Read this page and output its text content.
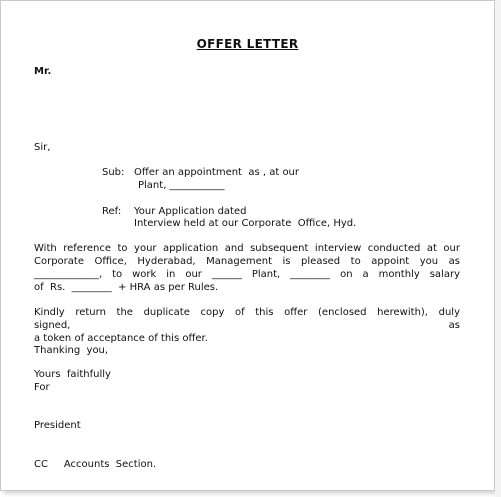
OFFER LETTER
Mr.
Sir,
Sub: Offer an appointment  as , at our
Plant, ___________
Ref: Your Application dated
Interview held at our Corporate  Office, Hyd.
With  reference  to  your  application  and  subsequent  interview  conducted  at  our
Corporate  Office,  Hyderabad,  Management  is  pleased  to  appoint  you  as
_____________,  to  work  in  our  ______  Plant,  ________  on  a  monthly  salary
of  Rs.  ________  + HRA as per Rules.
Kindly  return  the  duplicate  copy  of  this  offer  (enclosed  herewith),  duly  signed,  as
a token of acceptance of this offer.
Thanking  you,
Yours  faithfully
For
President
CC     Accounts  Section.
